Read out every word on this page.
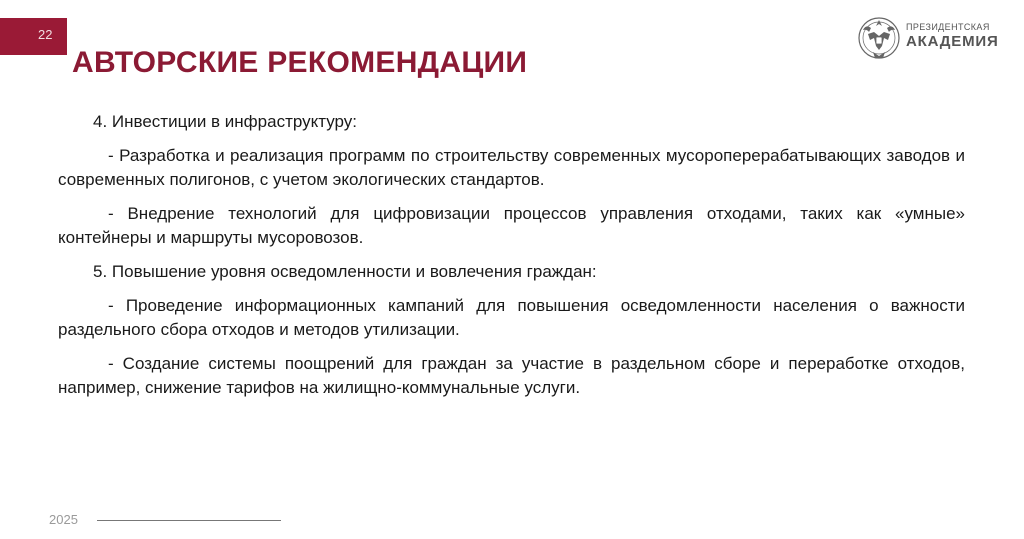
22
АВТОРСКИЕ РЕКОМЕНДАЦИИ
ПРЕЗИДЕНТСКАЯ
АКАДЕМИЯ

4. Инвестиции в инфраструктуру:

- Разработка и реализация программ по строительству современных мусороперерабатывающих заводов и современных полигонов, с учетом экологических стандартов.

- Внедрение технологий для цифровизации процессов управления отходами, таких как «умные» контейнеры и маршруты мусоровозов.

5. Повышение уровня осведомленности и вовлечения граждан:

- Проведение информационных кампаний для повышения осведомленности населения о важности раздельного сбора отходов и методов утилизации.

- Создание системы поощрений для граждан за участие в раздельном сборе и переработке отходов, например, снижение тарифов на жилищно-коммунальные услуги.

2025
